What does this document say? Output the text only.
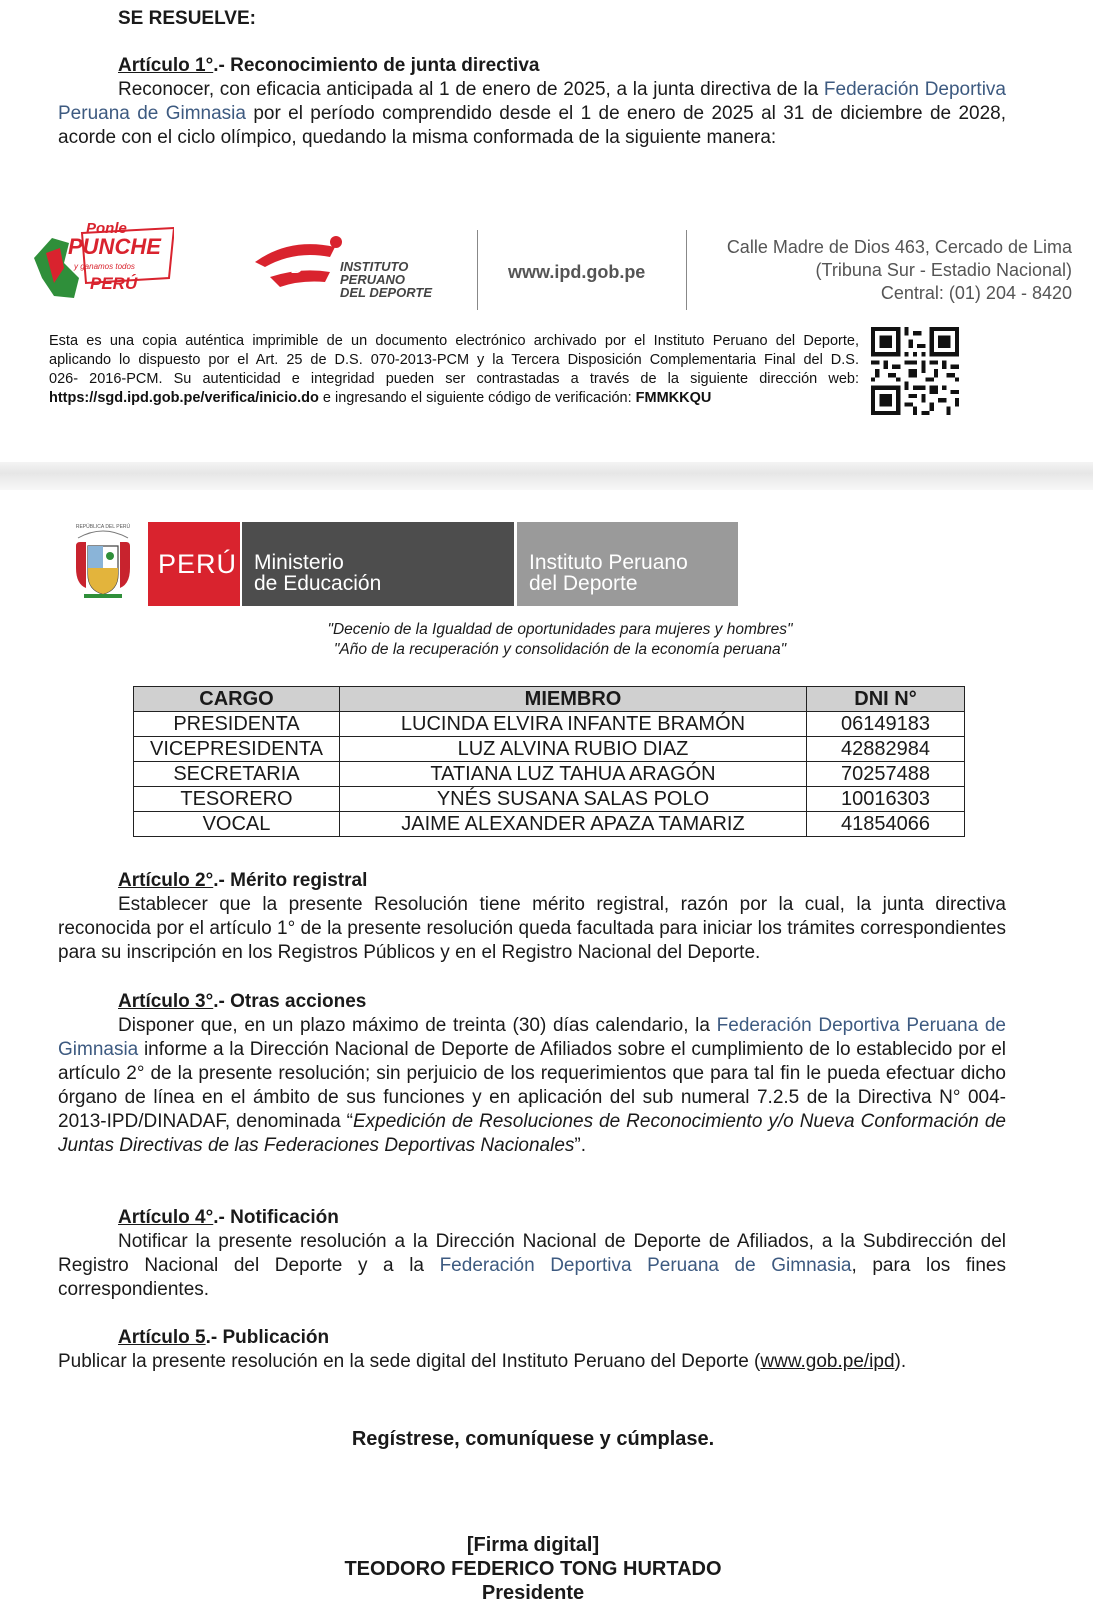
SE RESUELVE:
Artículo 1°.- Reconocimiento de junta directiva
Reconocer, con eficacia anticipada al 1 de enero de 2025, a la junta directiva de la Federación Deportiva Peruana de Gimnasia por el período comprendido desde el 1 de enero de 2025 al 31 de diciembre de 2028, acorde con el ciclo olímpico, quedando la misma conformada de la siguiente manera:
Ponle
PUNCHE
y ganamos todos
PERÚ
IPD	INSTITUTO
PERUANO
DEL DEPORTE
www.ipd.gob.pe
Calle Madre de Dios 463, Cercado de Lima
(Tribuna Sur - Estadio Nacional)
Central: (01) 204 - 8420
Esta es una copia auténtica imprimible de un documento electrónico archivado por el Instituto Peruano del Deporte,
aplicando lo dispuesto por el Art. 25 de D.S. 070-2013-PCM y la Tercera Disposición Complementaria Final del D.S.
026- 2016-PCM. Su autenticidad e integridad pueden ser contrastadas a través de la siguiente dirección web:
https://sgd.ipd.gob.pe/verifica/inicio.do e ingresando el siguiente código de verificación: FMMKKQU
REPÚBLICA DEL PERÚ
PERÚ Ministerio
de Educación
Instituto Peruano
del Deporte
"Decenio de la Igualdad de oportunidades para mujeres y hombres"
"Año de la recuperación y consolidación de la economía peruana"
CARGO	MIEMBRO	DNI N°
PRESIDENTA	LUCINDA ELVIRA INFANTE BRAMÓN	06149183
VICEPRESIDENTA	LUZ ALVINA RUBIO DIAZ	42882984
SECRETARIA	TATIANA LUZ TAHUA ARAGÓN	70257488
TESORERO	YNÉS SUSANA SALAS POLO	10016303
VOCAL	JAIME ALEXANDER APAZA TAMARIZ	41854066
Artículo 2°.- Mérito registral
Establecer que la presente Resolución tiene mérito registral, razón por la cual, la junta directiva reconocida por el artículo 1° de la presente resolución queda facultada para iniciar los trámites correspondientes para su inscripción en los Registros Públicos y en el Registro Nacional del Deporte.
Artículo 3°.- Otras acciones
Disponer que, en un plazo máximo de treinta (30) días calendario, la Federación Deportiva Peruana de Gimnasia informe a la Dirección Nacional de Deporte de Afiliados sobre el cumplimiento de lo establecido por el artículo 2° de la presente resolución; sin perjuicio de los requerimientos que para tal fin le pueda efectuar dicho órgano de línea en el ámbito de sus funciones y en aplicación del sub numeral 7.2.5 de la Directiva N° 004-2013-IPD/DINADAF, denominada “Expedición de Resoluciones de Reconocimiento y/o Nueva Conformación de Juntas Directivas de las Federaciones Deportivas Nacionales”.
Artículo 4°.- Notificación
Notificar la presente resolución a la Dirección Nacional de Deporte de Afiliados, a la Subdirección del Registro Nacional del Deporte y a la Federación Deportiva Peruana de Gimnasia, para los fines correspondientes.
Artículo 5.- Publicación
Publicar la presente resolución en la sede digital del Instituto Peruano del Deporte (www.gob.pe/ipd).
Regístrese, comuníquese y cúmplase.
[Firma digital]
TEODORO FEDERICO TONG HURTADO
Presidente
